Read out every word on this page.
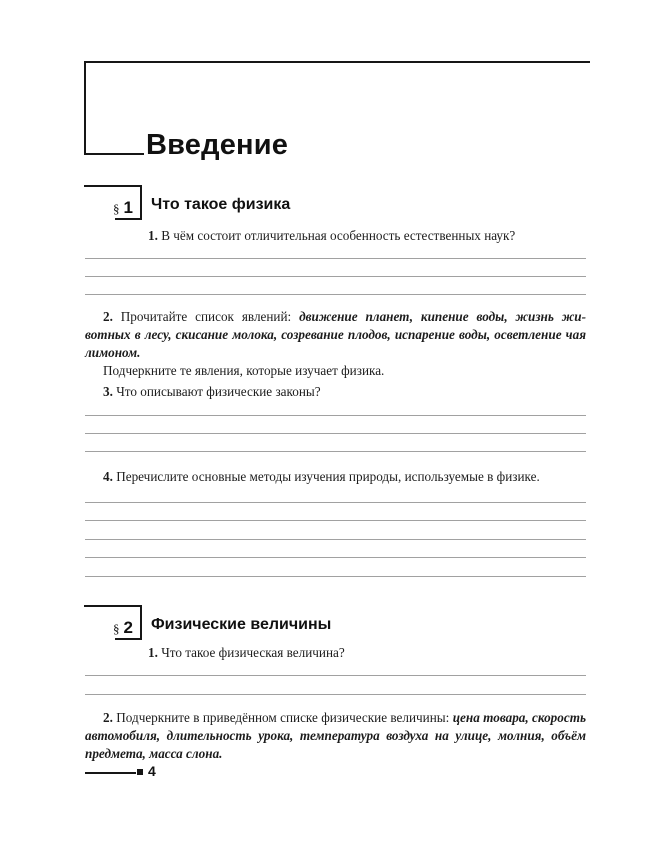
Введение
§ 1 Что такое физика

1. В чём состоит отличительная особенность естественных наук?

2. Прочитайте список явлений: движение планет, кипение воды, жизнь животных в лесу, скисание молока, созревание плодов, испарение воды, осветление чая лимоном.

Подчеркните те явления, которые изучает физика.

3. Что описывают физические законы?

4. Перечислите основные методы изучения природы, используемые в физике.

§ 2 Физические величины

1. Что такое физическая величина?

2. Подчеркните в приведённом списке физические величины: цена товара, скорость автомобиля, длительность урока, температура воздуха на улице, молния, объём предмета, масса слона.

4
